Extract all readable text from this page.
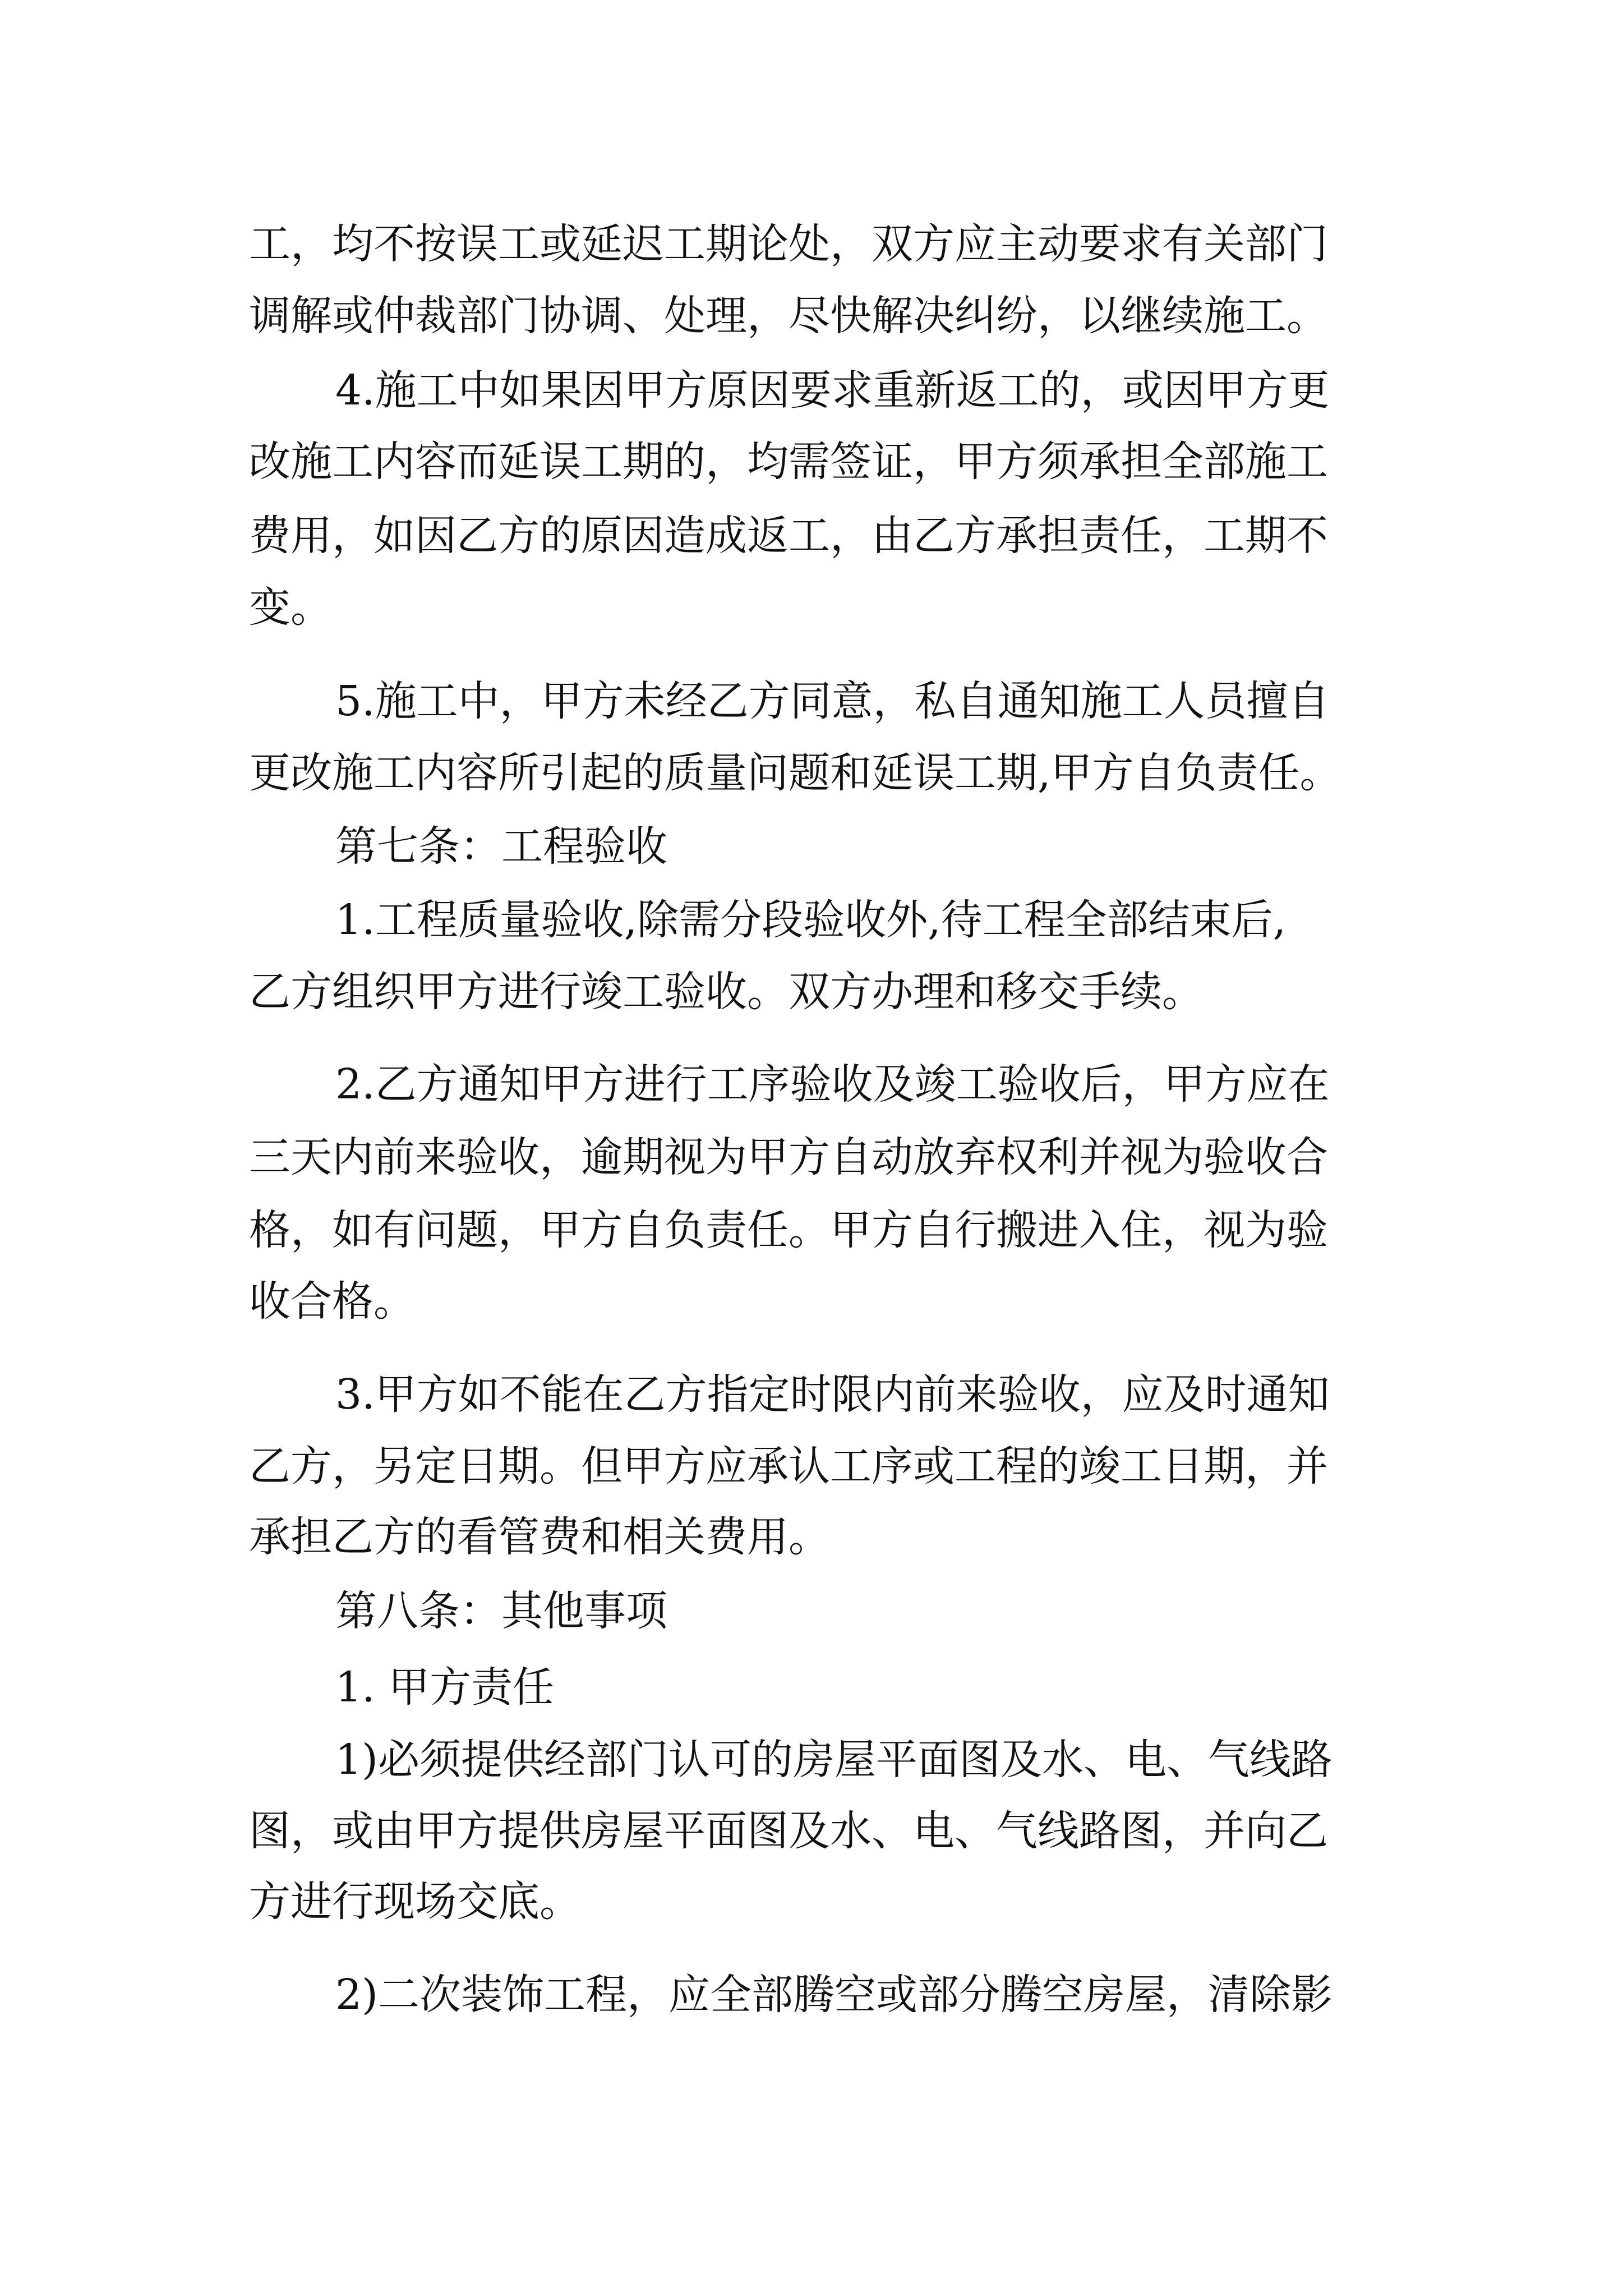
工，均不按误工或延迟工期论处，双方应主动要求有关部门

调解或仲裁部门协调、处理，尽快解决纠纷，以继续施工。

4.施工中如果因甲方原因要求重新返工的，或因甲方更

改施工内容而延误工期的，均需签证，甲方须承担全部施工

费用，如因乙方的原因造成返工，由乙方承担责任，工期不

变。

5.施工中，甲方未经乙方同意，私自通知施工人员擅自

更改施工内容所引起的质量问题和延误工期,甲方自负责任。

第七条：工程验收

1.工程质量验收,除需分段验收外,待工程全部结束后,

乙方组织甲方进行竣工验收。双方办理和移交手续。

2.乙方通知甲方进行工序验收及竣工验收后，甲方应在

三天内前来验收，逾期视为甲方自动放弃权利并视为验收合

格，如有问题，甲方自负责任。甲方自行搬进入住，视为验

收合格。

3.甲方如不能在乙方指定时限内前来验收，应及时通知

乙方，另定日期。但甲方应承认工序或工程的竣工日期，并

承担乙方的看管费和相关费用。

第八条：其他事项

1. 甲方责任

1)必须提供经部门认可的房屋平面图及水、电、气线路

图，或由甲方提供房屋平面图及水、电、气线路图，并向乙

方进行现场交底。

2)二次装饰工程，应全部腾空或部分腾空房屋，清除影
